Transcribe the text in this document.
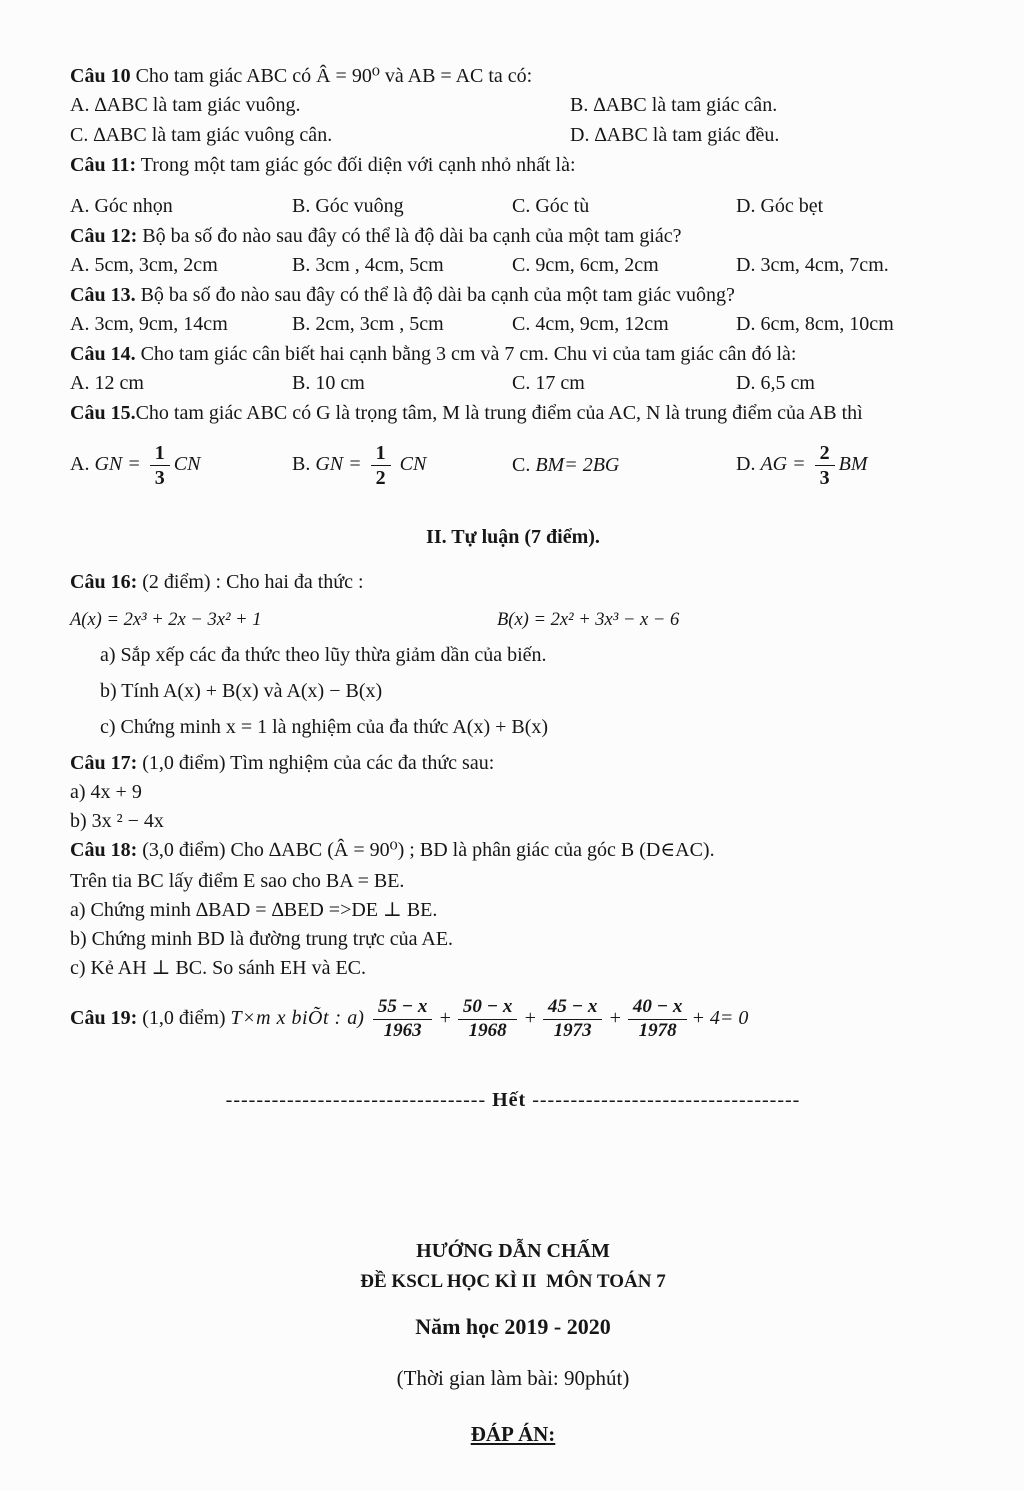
Câu 10 Cho tam giác ABC có Â = 90⁰ và AB = AC ta có:

A. ∆ABC là tam giác vuông.	B. ∆ABC là tam giác cân.
C. ∆ABC là tam giác vuông cân.	D. ∆ABC là tam giác đều.

Câu 11: Trong một tam giác góc đối diện với cạnh nhỏ nhất là:

A. Góc nhọn	B. Góc vuông	C. Góc tù	D. Góc bẹt

Câu 12: Bộ ba số đo nào sau đây có thể là độ dài ba cạnh của một tam giác?

A. 5cm, 3cm, 2cm	B. 3cm , 4cm, 5cm	C. 9cm, 6cm, 2cm	D. 3cm, 4cm, 7cm.

Câu 13. Bộ ba số đo nào sau đây có thể là độ dài ba cạnh của một tam giác vuông?

A. 3cm, 9cm, 14cm	B. 2cm, 3cm , 5cm	C. 4cm, 9cm, 12cm	D. 6cm, 8cm, 10cm

Câu 14. Cho tam giác cân biết hai cạnh bằng 3 cm và 7 cm. Chu vi của tam giác cân đó là:

A. 12 cm	B. 10 cm	C. 17 cm	D. 6,5 cm

Câu 15.Cho tam giác ABC có G là trọng tâm, M là trung điểm của AC, N là trung điểm của AB thì

A. GN = $\frac{1}{3}$ CN	B. GN = $\frac{1}{2}$ CN	C. BM= 2BG	D. AG = $\frac{2}{3}$ BM

II. Tự luận (7 điểm).

Câu 16: (2 điểm) : Cho hai đa thức :

A(x) = 2x³ + 2x − 3x² + 1	B(x) = 2x² + 3x³ − x − 6

a) Sắp xếp các đa thức theo lũy thừa giảm dần của biến.

b) Tính A(x) + B(x) và A(x) − B(x)

c) Chứng minh x = 1 là nghiệm của đa thức A(x) + B(x)

Câu 17: (1,0 điểm) Tìm nghiệm của các đa thức sau:

a) 4x + 9

b) 3x ² − 4x

Câu 18: (3,0 điểm) Cho ∆ABC (Â = 90⁰) ; BD là phân giác của góc B (D∈AC).

Trên tia BC lấy điểm E sao cho BA = BE.

a) Chứng minh ∆BAD = ∆BED =>DE ⊥ BE.

b) Chứng minh BD là đường trung trực của AE.

c) Kẻ AH ⊥ BC. So sánh EH và EC.

Câu 19: (1,0 điểm) T×m x biÕt : $a) \frac{55 - x}{1963} + \frac{50 - x}{1968} + \frac{45 - x}{1973} + \frac{40 - x}{1978} + 4= 0$

---------------------------------- Hết -----------------------------------

HƯỚNG DẪN CHẤM

ĐỀ KSCL HỌC KÌ II  MÔN TOÁN 7

Năm học 2019 - 2020

(Thời gian làm bài: 90phút)

ĐÁP ÁN:
